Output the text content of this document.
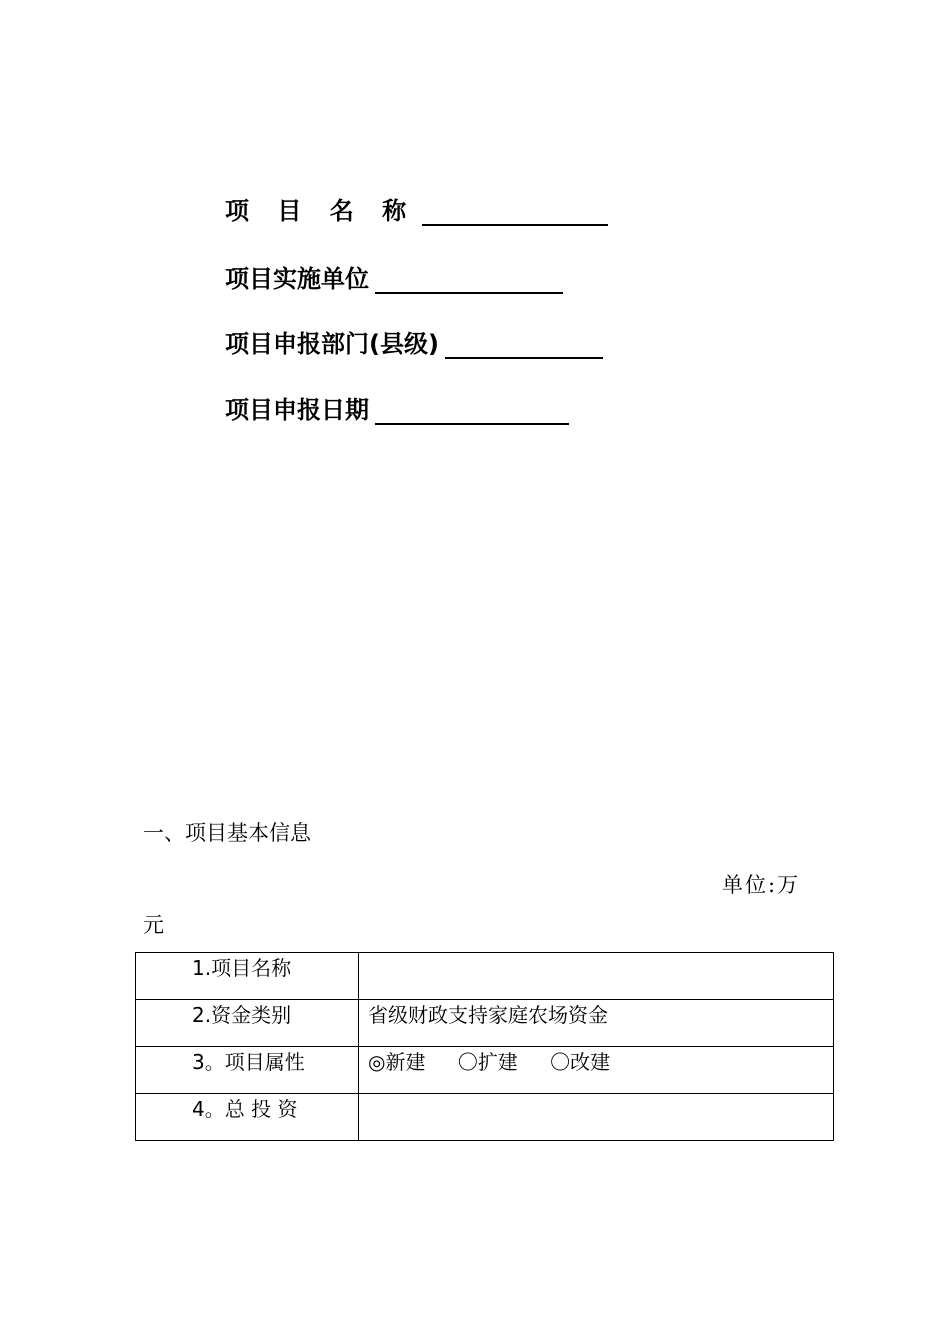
项 目 名 称
项目实施单位
项目申报部门(县级)
项目申报日期
一、项目基本信息
单位:万
元
1.项目名称	
2.资金类别	省级财政支持家庭农场资金
3。项目属性	◎新建 〇扩建 〇改建
4。总 投 资	
